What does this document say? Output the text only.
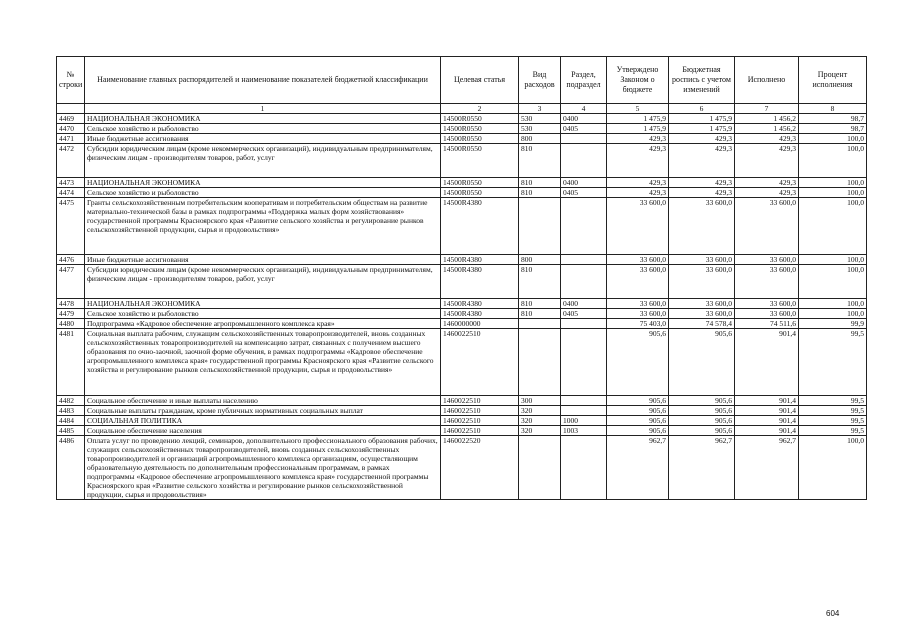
№ строки	Наименование главных распорядителей и наименование показателей бюджетной классификации	Целевая статья	Вид расходов	Раздел, подраздел	Утверждено Законом о бюджете	Бюджетная роспись с учетом изменений	Исполнено	Процент исполнения
	1	2	3	4	5	6	7	8
4469	НАЦИОНАЛЬНАЯ ЭКОНОМИКА	14500R0550	530	0400	1 475,9	1 475,9	1 456,2	98,7
4470	Сельское хозяйство и рыболовство	14500R0550	530	0405	1 475,9	1 475,9	1 456,2	98,7
4471	Иные бюджетные ассигнования	14500R0550	800		429,3	429,3	429,3	100,0
4472	Субсидии юридическим лицам (кроме некоммерческих организаций), индивидуальным предпринимателям, физическим лицам - производителям товаров, работ, услуг	14500R0550	810		429,3	429,3	429,3	100,0
4473	НАЦИОНАЛЬНАЯ ЭКОНОМИКА	14500R0550	810	0400	429,3	429,3	429,3	100,0
4474	Сельское хозяйство и рыболовство	14500R0550	810	0405	429,3	429,3	429,3	100,0
4475	Гранты сельскохозяйственным потребительским кооперативам и потребительским обществам на развитие материально-технической базы в рамках подпрограммы «Поддержка малых форм хозяйствования» государственной программы Красноярского края «Развитие сельского хозяйства и регулирование рынков сельскохозяйственной продукции, сырья и продовольствия»	14500R4380			33 600,0	33 600,0	33 600,0	100,0
4476	Иные бюджетные ассигнования	14500R4380	800		33 600,0	33 600,0	33 600,0	100,0
4477	Субсидии юридическим лицам (кроме некоммерческих организаций), индивидуальным предпринимателям, физическим лицам - производителям товаров, работ, услуг	14500R4380	810		33 600,0	33 600,0	33 600,0	100,0
4478	НАЦИОНАЛЬНАЯ ЭКОНОМИКА	14500R4380	810	0400	33 600,0	33 600,0	33 600,0	100,0
4479	Сельское хозяйство и рыболовство	14500R4380	810	0405	33 600,0	33 600,0	33 600,0	100,0
4480	Подпрограмма «Кадровое обеспечение агропромышленного комплекса края»	1460000000			75 403,0	74 578,4	74 511,6	99,9
4481	Социальная выплата рабочим, служащим сельскохозяйственных товаропроизводителей, вновь созданных сельскохозяйственных товаропроизводителей на компенсацию затрат, связанных с получением высшего образования по очно-заочной, заочной форме обучения, в рамках подпрограммы «Кадровое обеспечение агропромышленного комплекса края» государственной программы Красноярского края «Развитие сельского хозяйства и регулирование рынков сельскохозяйственной продукции, сырья и продовольствия»	1460022510			905,6	905,6	901,4	99,5
4482	Социальное обеспечение и иные выплаты населению	1460022510	300		905,6	905,6	901,4	99,5
4483	Социальные выплаты гражданам, кроме публичных нормативных социальных выплат	1460022510	320		905,6	905,6	901,4	99,5
4484	СОЦИАЛЬНАЯ ПОЛИТИКА	1460022510	320	1000	905,6	905,6	901,4	99,5
4485	Социальное обеспечение населения	1460022510	320	1003	905,6	905,6	901,4	99,5
4486	Оплата услуг по проведению лекций, семинаров, дополнительного профессионального образования рабочих, служащих сельскохозяйственных товаропроизводителей, вновь созданных сельскохозяйственных товаропроизводителей и организаций агропромышленного комплекса организациям, осуществляющим образовательную деятельность по дополнительным профессиональным программам, в рамках подпрограммы «Кадровое обеспечение агропромышленного комплекса края» государственной программы Красноярского края «Развитие сельского хозяйства и регулирование рынков сельскохозяйственной продукции, сырья и продовольствия»	1460022520			962,7	962,7	962,7	100,0
604
